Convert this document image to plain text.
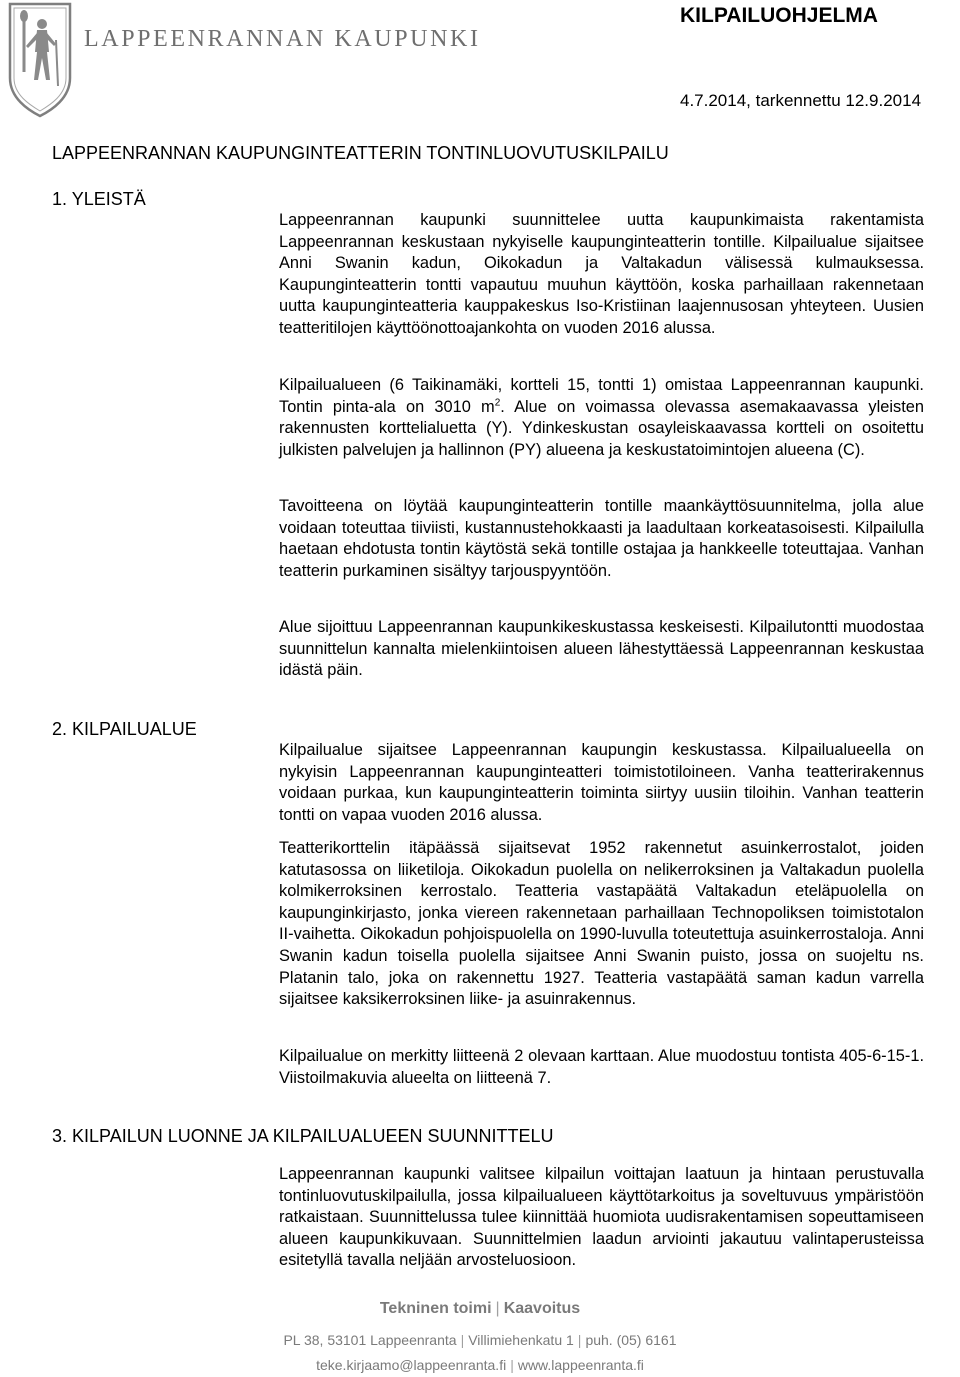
LAPPEENRANNAN KAUPUNKI
KILPAILUOHJELMA
4.7.2014, tarkennettu 12.9.2014
LAPPEENRANNAN KAUPUNGINTEATTERIN TONTINLUOVUTUSKILPAILU
1. YLEISTÄ

Lappeenrannan kaupunki suunnittelee uutta kaupunkimaista rakentamista Lappeenrannan keskustaan nykyiselle kaupunginteatterin tontille. Kilpailualue sijaitsee Anni Swanin kadun, Oikokadun ja Valtakadun välisessä kulmauksessa. Kaupunginteatterin tontti vapautuu muuhun käyttöön, koska parhaillaan rakennetaan uutta kaupunginteatteria kauppakeskus Iso-Kristiinan laajennusosan yhteyteen. Uusien teatteritilojen käyttöönottoajankohta on vuoden 2016 alussa.

Kilpailualueen (6 Taikinamäki, kortteli 15, tontti 1) omistaa Lappeenrannan kaupunki. Tontin pinta-ala on 3010 $m^2$. Alue on voimassa olevassa asemakaavassa yleisten rakennusten korttelialuetta (Y). Ydinkeskustan osayleiskaavassa kortteli on osoitettu julkisten palvelujen ja hallinnon (PY) alueena ja keskustatoimintojen alueena (C).

Tavoitteena on löytää kaupunginteatterin tontille maankäyttösuunnitelma, jolla alue voidaan toteuttaa tiiviisti, kustannustehokkaasti ja laadultaan korkeatasoisesti. Kilpailulla haetaan ehdotusta tontin käytöstä sekä tontille ostajaa ja hankkeelle toteuttajaa. Vanhan teatterin purkaminen sisältyy tarjouspyyntöön.

Alue sijoittuu Lappeenrannan kaupunkikeskustassa keskeisesti. Kilpailutontti muodostaa suunnittelun kannalta mielenkiintoisen alueen lähestyttäessä Lappeenrannan keskustaa idästä päin.

2. KILPAILUALUE

Kilpailualue sijaitsee Lappeenrannan kaupungin keskustassa. Kilpailualueella on nykyisin Lappeenrannan kaupunginteatteri toimistotiloineen. Vanha teatterirakennus voidaan purkaa, kun kaupunginteatterin toiminta siirtyy uusiin tiloihin. Vanhan teatterin tontti on vapaa vuoden 2016 alussa.

Teatterikorttelin itäpäässä sijaitsevat 1952 rakennetut asuinkerrostalot, joiden katutasossa on liiketiloja. Oikokadun puolella on nelikerroksinen ja Valtakadun puolella kolmikerroksinen kerrostalo. Teatteria vastapäätä Valtakadun eteläpuolella on kaupunginkirjasto, jonka viereen rakennetaan parhaillaan Technopoliksen toimistotalon II-vaihetta. Oikokadun pohjoispuolella on 1990-luvulla toteutettuja asuinkerrostaloja. Anni Swanin kadun toisella puolella sijaitsee Anni Swanin puisto, jossa on suojeltu ns. Platanin talo, joka on rakennettu 1927. Teatteria vastapäätä saman kadun varrella sijaitsee kaksikerroksinen liike- ja asuinrakennus.

Kilpailualue on merkitty liitteenä 2 olevaan karttaan. Alue muodostuu tontista 405-6-15-1. Viistoilmakuvia alueelta on liitteenä 7.

3. KILPAILUN LUONNE JA KILPAILUALUEEN SUUNNITTELU

Lappeenrannan kaupunki valitsee kilpailun voittajan laatuun ja hintaan perustuvalla tontinluovutuskilpailulla, jossa kilpailualueen käyttötarkoitus ja soveltuvuus ympäristöön ratkaistaan. Suunnittelussa tulee kiinnittää huomiota uudisrakentamisen sopeuttamiseen alueen kaupunkikuvaan. Suunnittelmien laadun arviointi jakautuu valintaperusteissa esitetyllä tavalla neljään arvosteluosioon.

Tekninen toimi | Kaavoitus
PL 38, 53101 Lappeenranta | Villimiehenkatu 1 | puh. (05) 6161
teke.kirjaamo@lappeenranta.fi | www.lappeenranta.fi
